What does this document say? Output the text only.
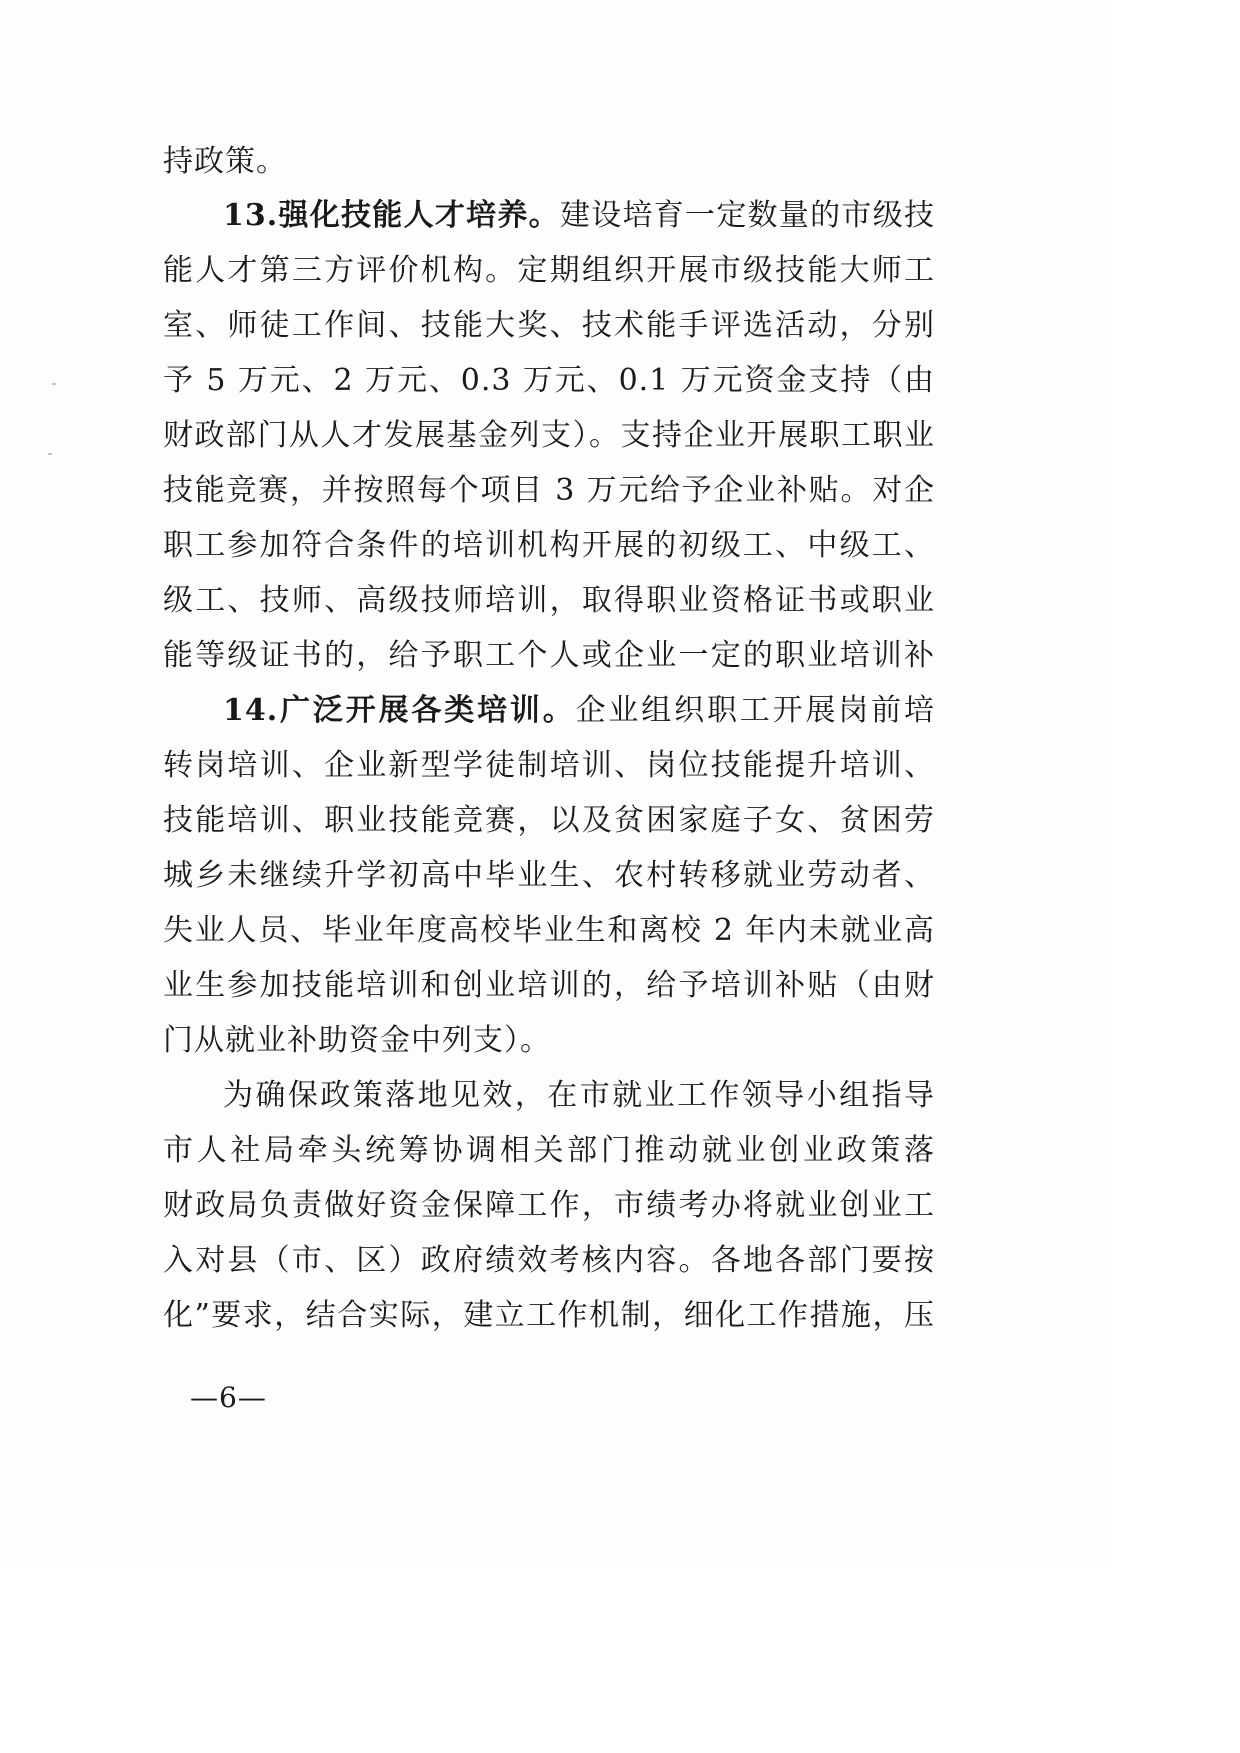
持政策。
13.强化技能人才培养。建设培育一定数量的市级技
能人才第三方评价机构。定期组织开展市级技能大师工
室、师徒工作间、技能大奖、技术能手评选活动，分别
予 5 万元、2 万元、0.3 万元、0.1 万元资金支持（由
财政部门从人才发展基金列支）。支持企业开展职工职业
技能竞赛，并按照每个项目 3 万元给予企业补贴。对企
职工参加符合条件的培训机构开展的初级工、中级工、
级工、技师、高级技师培训，取得职业资格证书或职业
能等级证书的，给予职工个人或企业一定的职业培训补
14.广泛开展各类培训。企业组织职工开展岗前培
转岗培训、企业新型学徒制培训、岗位技能提升培训、
技能培训、职业技能竞赛，以及贫困家庭子女、贫困劳
城乡未继续升学初高中毕业生、农村转移就业劳动者、
失业人员、毕业年度高校毕业生和离校 2 年内未就业高
业生参加技能培训和创业培训的，给予培训补贴（由财
门从就业补助资金中列支）。
为确保政策落地见效，在市就业工作领导小组指导
市人社局牵头统筹协调相关部门推动就业创业政策落
财政局负责做好资金保障工作，市绩考办将就业创业工
入对县（市、区）政府绩效考核内容。各地各部门要按
化”要求，结合实际，建立工作机制，细化工作措施，压
—6—
